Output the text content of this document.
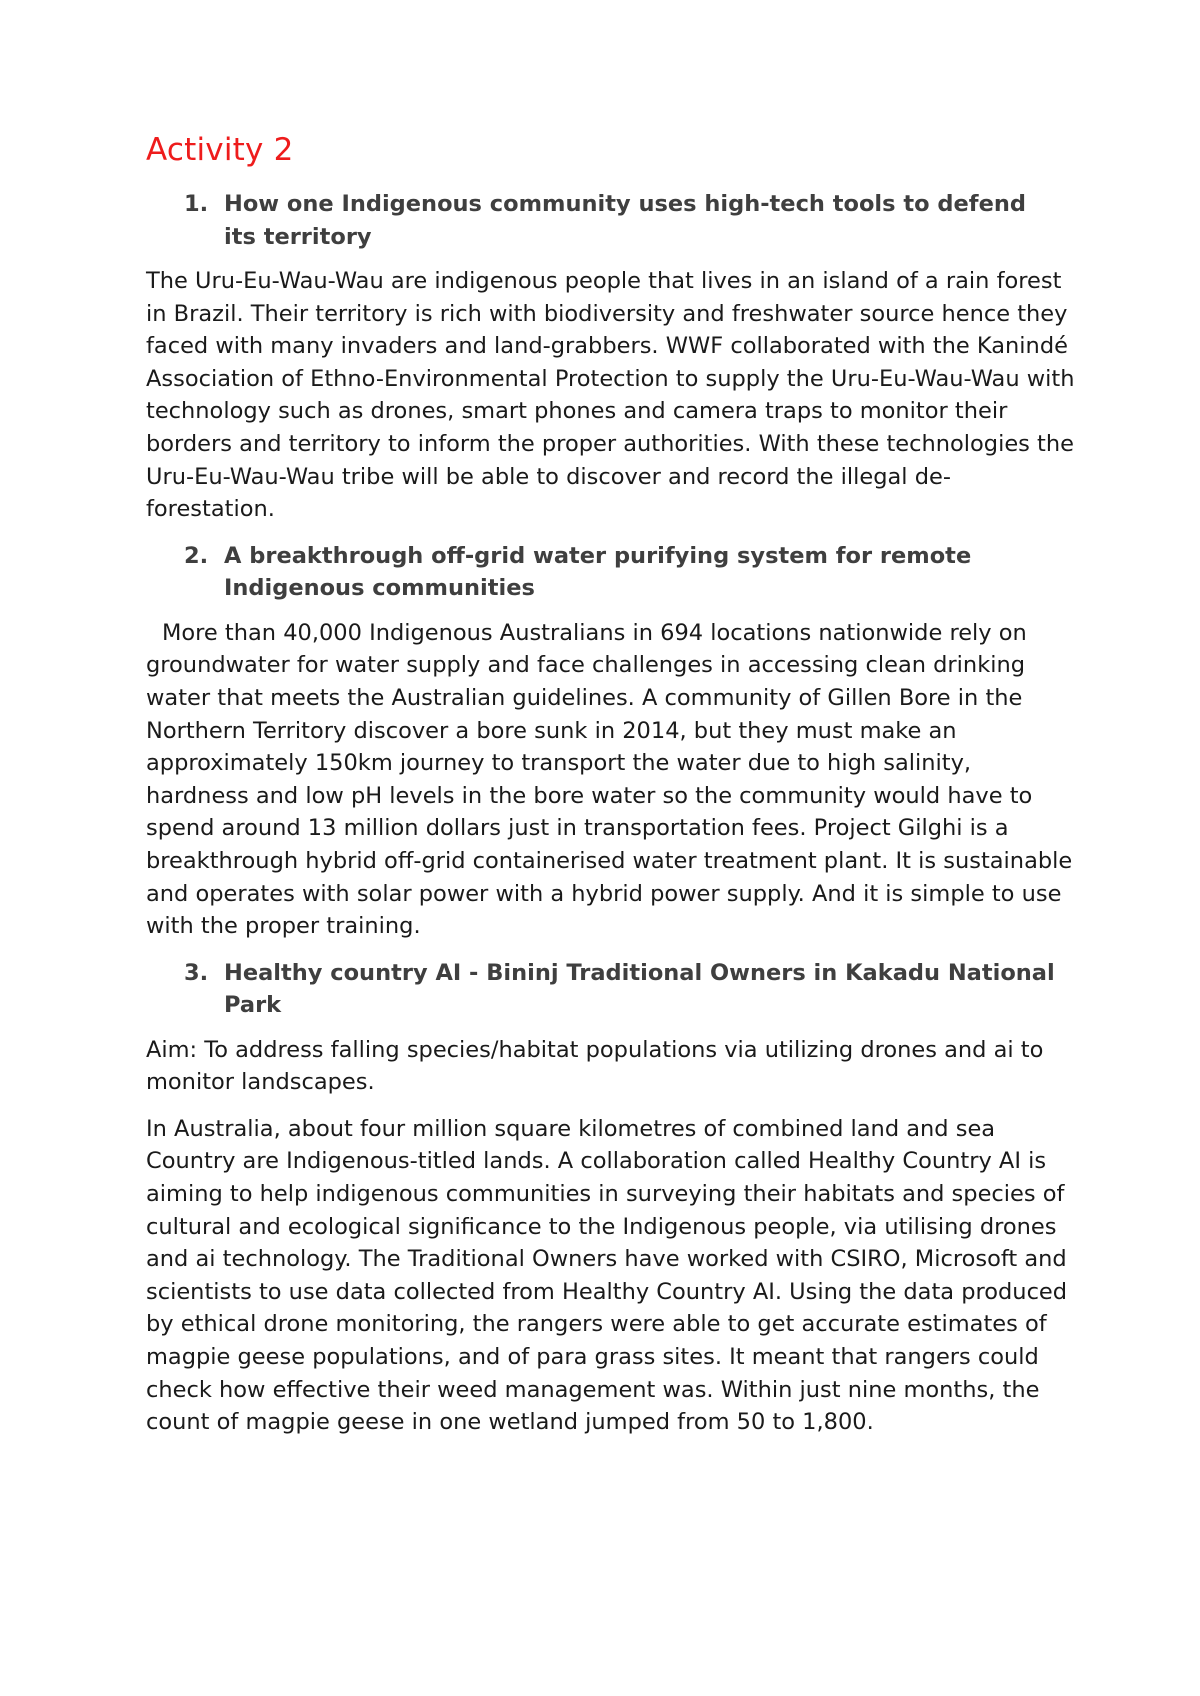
Activity 2
1. How one Indigenous community uses high-tech tools to defend its territory

The Uru-Eu-Wau-Wau are indigenous people that lives in an island of a rain forest in Brazil. Their territory is rich with biodiversity and freshwater source hence they faced with many invaders and land-grabbers. WWF collaborated with the Kanindé Association of Ethno-Environmental Protection to supply the Uru-Eu-Wau-Wau with technology such as drones, smart phones and camera traps to monitor their borders and territory to inform the proper authorities. With these technologies the Uru-Eu-Wau-Wau tribe will be able to discover and record the illegal de-forestation.

2. A breakthrough off-grid water purifying system for remote Indigenous communities

More than 40,000 Indigenous Australians in 694 locations nationwide rely on groundwater for water supply and face challenges in accessing clean drinking water that meets the Australian guidelines. A community of Gillen Bore in the Northern Territory discover a bore sunk in 2014, but they must make an approximately 150km journey to transport the water due to high salinity, hardness and low pH levels in the bore water so the community would have to spend around 13 million dollars just in transportation fees. Project Gilghi is a breakthrough hybrid off-grid containerised water treatment plant. It is sustainable and operates with solar power with a hybrid power supply. And it is simple to use with the proper training.

3. Healthy country AI - Bininj Traditional Owners in Kakadu National Park

Aim: To address falling species/habitat populations via utilizing drones and ai to monitor landscapes.

In Australia, about four million square kilometres of combined land and sea Country are Indigenous-titled lands. A collaboration called Healthy Country AI is aiming to help indigenous communities in surveying their habitats and species of cultural and ecological significance to the Indigenous people, via utilising drones and ai technology. The Traditional Owners have worked with CSIRO, Microsoft and scientists to use data collected from Healthy Country AI. Using the data produced by ethical drone monitoring, the rangers were able to get accurate estimates of magpie geese populations, and of para grass sites. It meant that rangers could check how effective their weed management was. Within just nine months, the count of magpie geese in one wetland jumped from 50 to 1,800.
